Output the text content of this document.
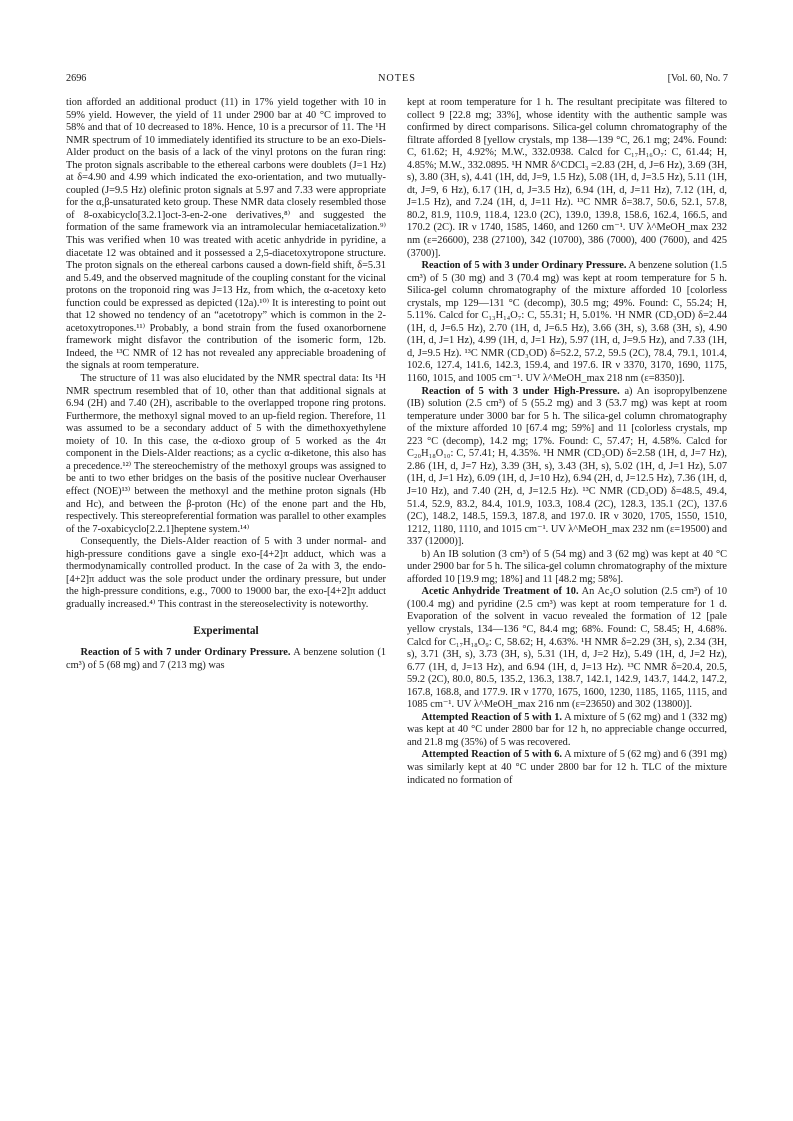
2696	NOTES	[Vol. 60, No. 7

tion afforded an additional product (11) in 17% yield together with 10 in 59% yield. However, the yield of 11 under 2900 bar at 40 °C improved to 58% and that of 10 decreased to 18%. Hence, 10 is a precursor of 11. The ¹H NMR spectrum of 10 immediately identified its structure to be an exo-Diels-Alder product on the basis of a lack of the vinyl protons on the furan ring: The proton signals ascribable to the ethereal carbons were doublets (J=1 Hz) at δ=4.90 and 4.99 which indicated the exo-orientation, and two mutually-coupled (J=9.5 Hz) olefinic proton signals at 5.97 and 7.33 were appropriate for the α,β-unsaturated keto group. These NMR data closely resembled those of 8-oxabicyclo[3.2.1]oct-3-en-2-one derivatives,⁸⁾ and suggested the formation of the same framework via an intramolecular hemiacetalization.⁹⁾ This was verified when 10 was treated with acetic anhydride in pyridine, a diacetate 12 was obtained and it possessed a 2,5-diacetoxytropone structure. The proton signals on the ethereal carbons caused a down-field shift, δ=5.31 and 5.49, and the observed magnitude of the coupling constant for the vicinal protons on the troponoid ring was J=13 Hz, from which, the α-acetoxy keto function could be expressed as depicted (12a).¹⁰⁾ It is interesting to point out that 12 showed no tendency of an “acetotropy” which is common in the 2-acetoxytropones.¹¹⁾ Probably, a bond strain from the fused oxanorbornene framework might disfavor the contribution of the isomeric form, 12b. Indeed, the ¹³C NMR of 12 has not revealed any appreciable broadening of the signals at room temperature.

The structure of 11 was also elucidated by the NMR spectral data: Its ¹H NMR spectrum resembled that of 10, other than that additional signals at 6.94 (2H) and 7.40 (2H), ascribable to the overlapped tropone ring protons. Furthermore, the methoxyl signal moved to an up-field region. Therefore, 11 was assumed to be a secondary adduct of 5 with the dimethoxyethylene moiety of 10. In this case, the α-dioxo group of 5 worked as the 4π component in the Diels-Alder reactions; as a cyclic α-diketone, this also has a precedence.¹²⁾ The stereochemistry of the methoxyl groups was assigned to be anti to two ether bridges on the basis of the positive nuclear Overhauser effect (NOE)¹³⁾ between the methoxyl and the methine proton signals (Hb and Hc), and between the β-proton (Hc) of the enone part and the Hb, respectively. This stereopreferential formation was parallel to other examples of the 7-oxabicyclo[2.2.1]heptene system.¹⁴⁾

Consequently, the Diels-Alder reaction of 5 with 3 under normal- and high-pressure conditions gave a single exo-[4+2]π adduct, which was a thermodynamically controlled product. In the case of 2a with 3, the endo-[4+2]π adduct was the sole product under the ordinary pressure, but under the high-pressure conditions, e.g., 7000 to 19000 bar, the exo-[4+2]π adduct gradually increased.⁴⁾ This contrast in the stereoselectivity is noteworthy.

Experimental

Reaction of 5 with 7 under Ordinary Pressure. A benzene solution (1 cm³) of 5 (68 mg) and 7 (213 mg) was

kept at room temperature for 1 h. The resultant precipitate was filtered to collect 9 [22.8 mg; 33%], whose identity with the authentic sample was confirmed by direct comparisons. Silica-gel column chromatography of the filtrate afforded 8 [yellow crystals, mp 138—139 °C, 26.1 mg; 24%. Found: C, 61.62; H, 4.92%; M.W., 332.0938. Calcd for C₁₇H₁₆O₇: C, 61.44; H, 4.85%; M.W., 332.0895. ¹H NMR δ^CDCl₃ =2.83 (2H, d, J=6 Hz), 3.69 (3H, s), 3.80 (3H, s), 4.41 (1H, dd, J=9, 1.5 Hz), 5.08 (1H, d, J=3.5 Hz), 5.11 (1H, dt, J=9, 6 Hz), 6.17 (1H, d, J=3.5 Hz), 6.94 (1H, d, J=11 Hz), 7.12 (1H, d, J=1.5 Hz), and 7.24 (1H, d, J=11 Hz). ¹³C NMR δ=38.7, 50.6, 52.1, 57.8, 80.2, 81.9, 110.9, 118.4, 123.0 (2C), 139.0, 139.8, 158.6, 162.4, 166.5, and 170.2 (2C). IR ν 1740, 1585, 1460, and 1260 cm⁻¹. UV λ^MeOH_max 232 nm (ε=26600), 238 (27100), 342 (10700), 386 (7000), 400 (7600), and 425 (3700)].

Reaction of 5 with 3 under Ordinary Pressure. A benzene solution (1.5 cm³) of 5 (30 mg) and 3 (70.4 mg) was kept at room temperature for 5 h. Silica-gel column chromatography of the mixture afforded 10 [colorless crystals, mp 129—131 °C (decomp), 30.5 mg; 49%. Found: C, 55.24; H, 5.11%. Calcd for C₁₃H₁₄O₇: C, 55.31; H, 5.01%. ¹H NMR (CD₃OD) δ=2.44 (1H, d, J=6.5 Hz), 2.70 (1H, d, J=6.5 Hz), 3.66 (3H, s), 3.68 (3H, s), 4.90 (1H, d, J=1 Hz), 4.99 (1H, d, J=1 Hz), 5.97 (1H, d, J=9.5 Hz), and 7.33 (1H, d, J=9.5 Hz). ¹³C NMR (CD₃OD) δ=52.2, 57.2, 59.5 (2C), 78.4, 79.1, 101.4, 102.6, 127.4, 141.6, 142.3, 159.4, and 197.6. IR ν 3370, 3170, 1690, 1175, 1160, 1015, and 1005 cm⁻¹. UV λ^MeOH_max 218 nm (ε=8350)].

Reaction of 5 with 3 under High-Pressure. a) An isopropylbenzene (IB) solution (2.5 cm³) of 5 (55.2 mg) and 3 (53.7 mg) was kept at room temperature under 3000 bar for 5 h. The silica-gel column chromatography of the mixture afforded 10 [67.4 mg; 59%] and 11 [colorless crystals, mp 223 °C (decomp), 14.2 mg; 17%. Found: C, 57.47; H, 4.58%. Calcd for C₂₀H₁₈O₁₀: C, 57.41; H, 4.35%. ¹H NMR (CD₃OD) δ=2.58 (1H, d, J=7 Hz), 2.86 (1H, d, J=7 Hz), 3.39 (3H, s), 3.43 (3H, s), 5.02 (1H, d, J=1 Hz), 5.07 (1H, d, J=1 Hz), 6.09 (1H, d, J=10 Hz), 6.94 (2H, d, J=12.5 Hz), 7.36 (1H, d, J=10 Hz), and 7.40 (2H, d, J=12.5 Hz). ¹³C NMR (CD₃OD) δ=48.5, 49.4, 51.4, 52.9, 83.2, 84.4, 101.9, 103.3, 108.4 (2C), 128.3, 135.1 (2C), 137.6 (2C), 148.2, 148.5, 159.3, 187.8, and 197.0. IR ν 3020, 1705, 1550, 1510, 1212, 1180, 1110, and 1015 cm⁻¹. UV λ^MeOH_max 232 nm (ε=19500) and 337 (12000)].

b) An IB solution (3 cm³) of 5 (54 mg) and 3 (62 mg) was kept at 40 °C under 2900 bar for 5 h. The silica-gel column chromatography of the mixture afforded 10 [19.9 mg; 18%] and 11 [48.2 mg; 58%].

Acetic Anhydride Treatment of 10. An Ac₂O solution (2.5 cm³) of 10 (100.4 mg) and pyridine (2.5 cm³) was kept at room temperature for 1 d. Evaporation of the solvent in vacuo revealed the formation of 12 [pale yellow crystals, 134—136 °C, 84.4 mg; 68%. Found: C, 58.45; H, 4.68%. Calcd for C₁₇H₁₈O₉: C, 58.62; H, 4.63%. ¹H NMR δ=2.29 (3H, s), 2.34 (3H, s), 3.71 (3H, s), 3.73 (3H, s), 5.31 (1H, d, J=2 Hz), 5.49 (1H, d, J=2 Hz), 6.77 (1H, d, J=13 Hz), and 6.94 (1H, d, J=13 Hz). ¹³C NMR δ=20.4, 20.5, 59.2 (2C), 80.0, 80.5, 135.2, 136.3, 138.7, 142.1, 142.9, 143.7, 144.2, 147.2, 167.8, 168.8, and 177.9. IR ν 1770, 1675, 1600, 1230, 1185, 1165, 1115, and 1085 cm⁻¹. UV λ^MeOH_max 216 nm (ε=23650) and 302 (13800)].

Attempted Reaction of 5 with 1. A mixture of 5 (62 mg) and 1 (332 mg) was kept at 40 °C under 2800 bar for 12 h, no appreciable change occurred, and 21.8 mg (35%) of 5 was recovered.

Attempted Reaction of 5 with 6. A mixture of 5 (62 mg) and 6 (391 mg) was similarly kept at 40 °C under 2800 bar for 12 h. TLC of the mixture indicated no formation of
